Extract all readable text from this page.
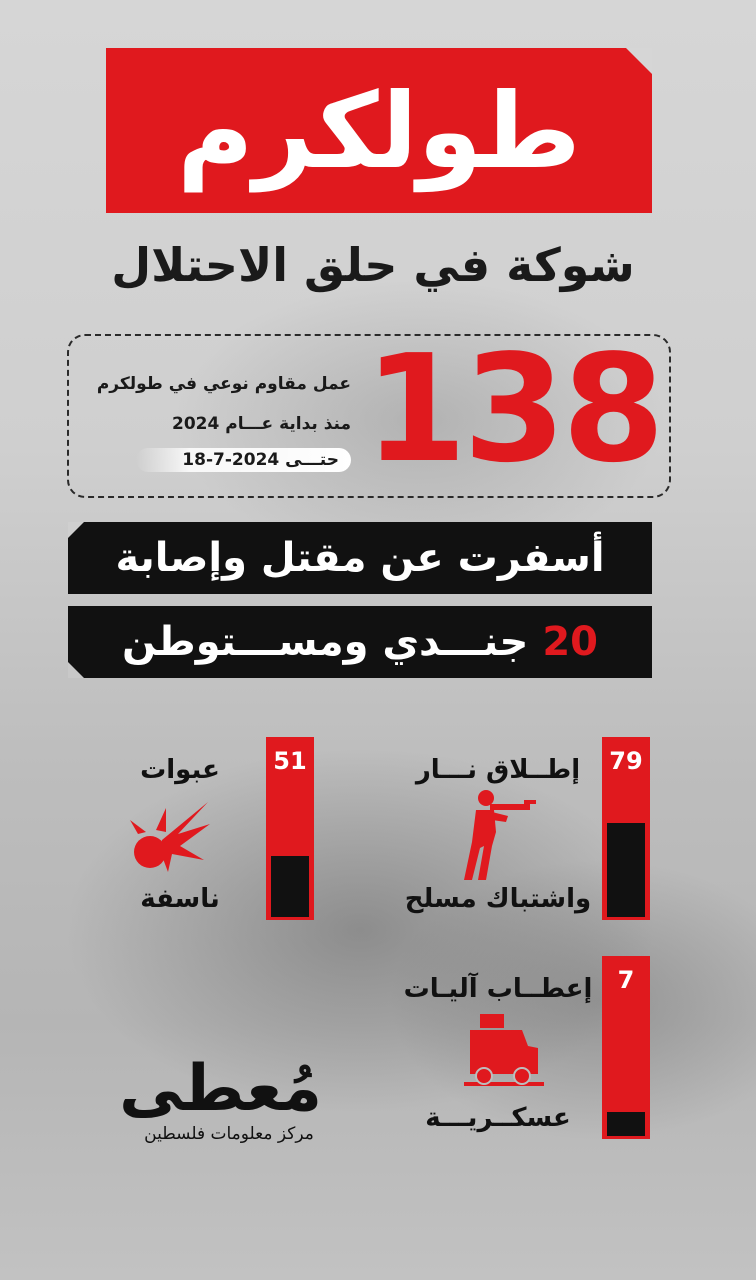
طولكرم
شوكة في حلق الاحتلال
138
عمل مقاوم نوعي في طولكرم
منذ بداية عـــام 2024
حتـــى 2024-7-18
أسفرت عن مقتل وإصابة
20
جنـــدي ومســـتوطن
79
إطــلاق نـــار
واشتباك مسلح
51
عبوات
ناسفة
7
إعطــاب آليـات
عسكــريـــة
مُعطى
مركز معلومات فلسطين
